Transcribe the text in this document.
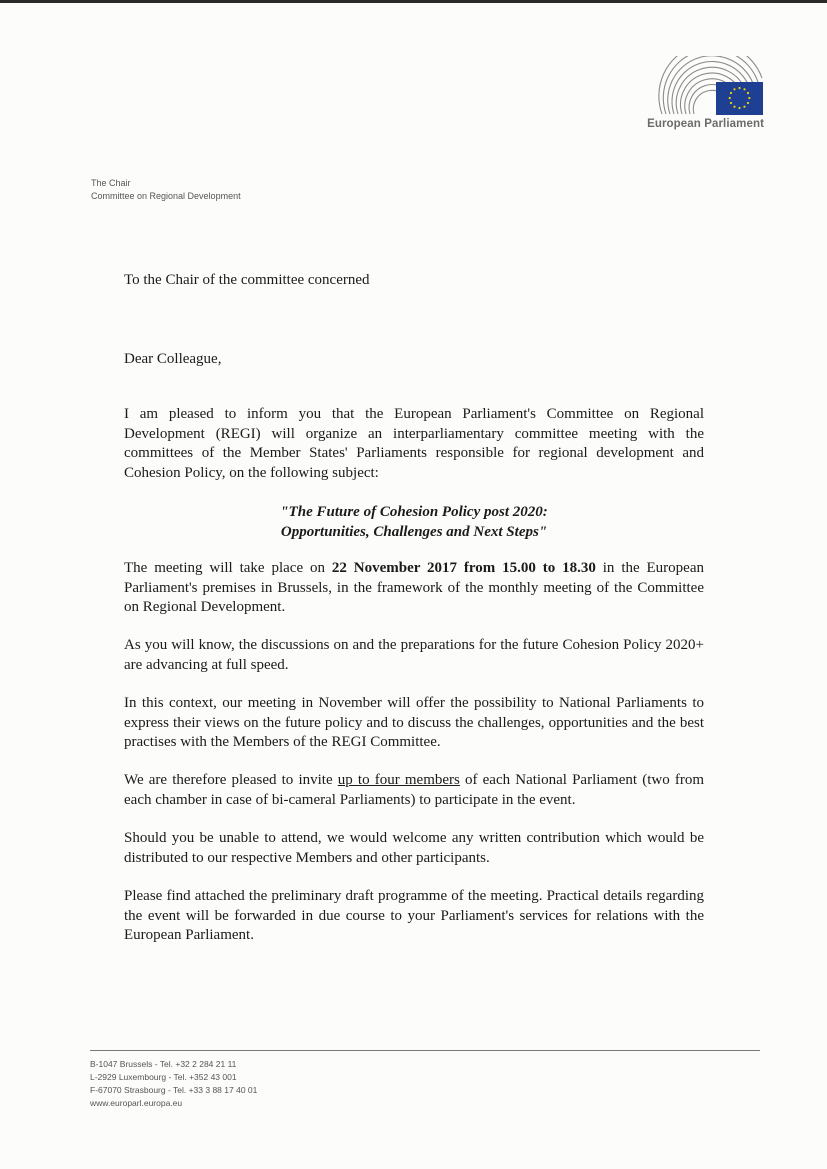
European Parliament
The Chair
Committee on Regional Development
To the Chair of the committee concerned
Dear Colleague,

I am pleased to inform you that the European Parliament's Committee on Regional Development (REGI) will organize an interparliamentary committee meeting with the committees of the Member States' Parliaments responsible for regional development and Cohesion Policy, on the following subject:

"The Future of Cohesion Policy post 2020:
Opportunities, Challenges and Next Steps"

The meeting will take place on 22 November 2017 from 15.00 to 18.30 in the European Parliament's premises in Brussels, in the framework of the monthly meeting of the Committee on Regional Development.

As you will know, the discussions on and the preparations for the future Cohesion Policy 2020+ are advancing at full speed.

In this context, our meeting in November will offer the possibility to National Parliaments to express their views on the future policy and to discuss the challenges, opportunities and the best practises with the Members of the REGI Committee.

We are therefore pleased to invite up to four members of each National Parliament (two from each chamber in case of bi-cameral Parliaments) to participate in the event.

Should you be unable to attend, we would welcome any written contribution which would be distributed to our respective Members and other participants.

Please find attached the preliminary draft programme of the meeting. Practical details regarding the event will be forwarded in due course to your Parliament's services for relations with the European Parliament.

B-1047 Brussels - Tel. +32 2 284 21 11
L-2929 Luxembourg - Tel. +352 43 001
F-67070 Strasbourg - Tel. +33 3 88 17 40 01
www.europarl.europa.eu
